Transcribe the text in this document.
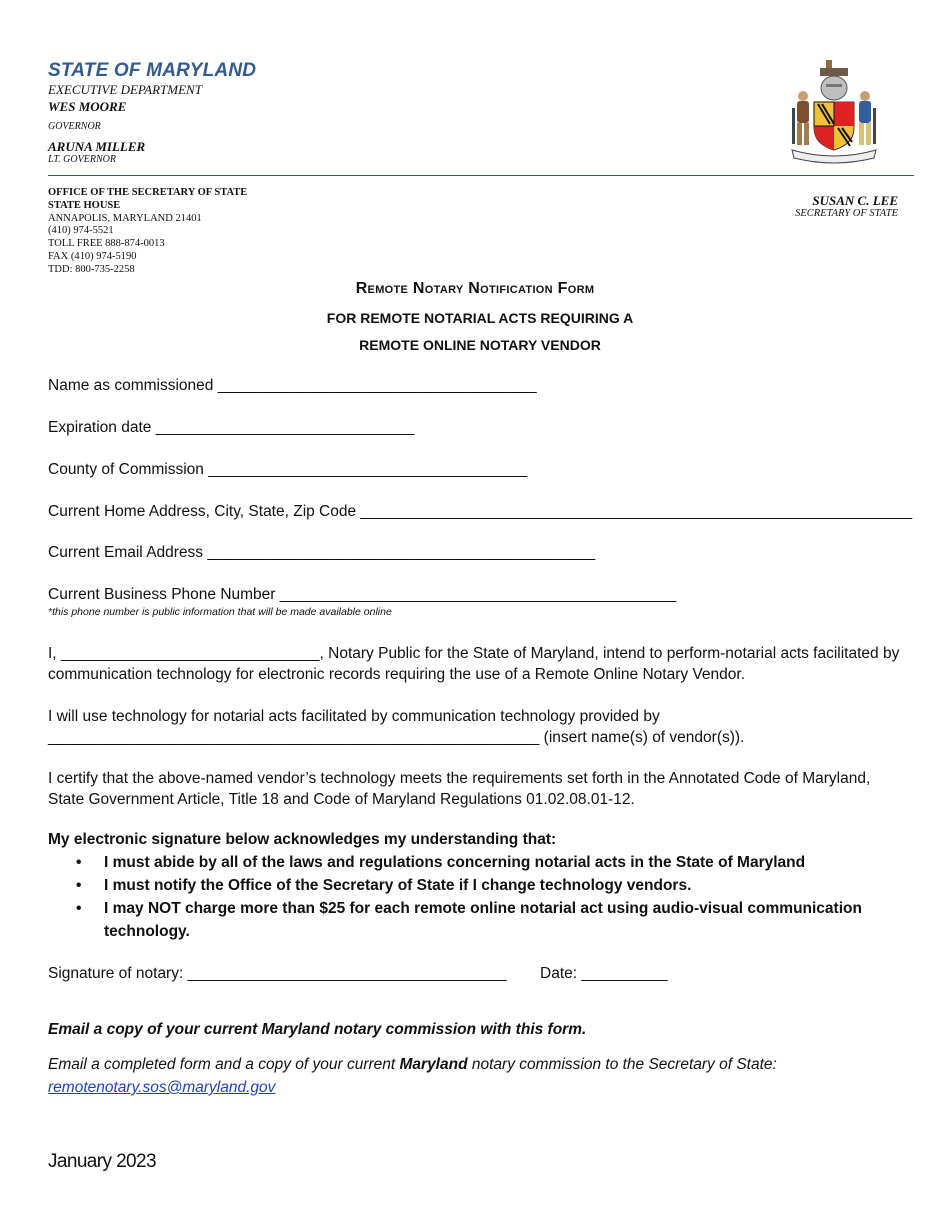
STATE OF MARYLAND
EXECUTIVE DEPARTMENT
WES MOORE
GOVERNOR
ARUNA MILLER
LT. GOVERNOR
OFFICE OF THE SECRETARY OF STATE
STATE HOUSE
ANNAPOLIS, MARYLAND 21401
(410) 974-5521
TOLL FREE 888-874-0013
FAX (410) 974-5190
TDD: 800-735-2258
SUSAN C. LEE
SECRETARY OF STATE
Remote Notary Notification Form
FOR REMOTE NOTARIAL ACTS REQUIRING A
REMOTE ONLINE NOTARY VENDOR
Name as commissioned _____________________________________
Expiration date ______________________________
County of Commission _____________________________________
Current Home Address, City, State, Zip Code ________________________________________________________________
Current Email Address _____________________________________________
Current Business Phone Number ______________________________________________
*this phone number is public information that will be made available online

I, ______________________________, Notary Public for the State of Maryland, intend to perform-notarial acts facilitated by

communication technology for electronic records requiring the use of a Remote Online Notary Vendor.

I will use technology for notarial acts facilitated by communication technology provided by

_________________________________________________________ (insert name(s) of vendor(s)).

I certify that the above-named vendor’s technology meets the requirements set forth in the Annotated Code of Maryland,

State Government Article, Title 18 and Code of Maryland Regulations 01.02.08.01-12.

My electronic signature below acknowledges my understanding that:
• I must abide by all of the laws and regulations concerning notarial acts in the State of Maryland
• I must notify the Office of the Secretary of State if I change technology vendors.
• I may NOT charge more than $25 for each remote online notarial act using audio-visual communication technology.
Signature of notary: _____________________________________ Date: __________
Email a copy of your current Maryland notary commission with this form.
Email a completed form and a copy of your current Maryland notary commission to the Secretary of State:
remotenotary.sos@maryland.gov
January 2023
